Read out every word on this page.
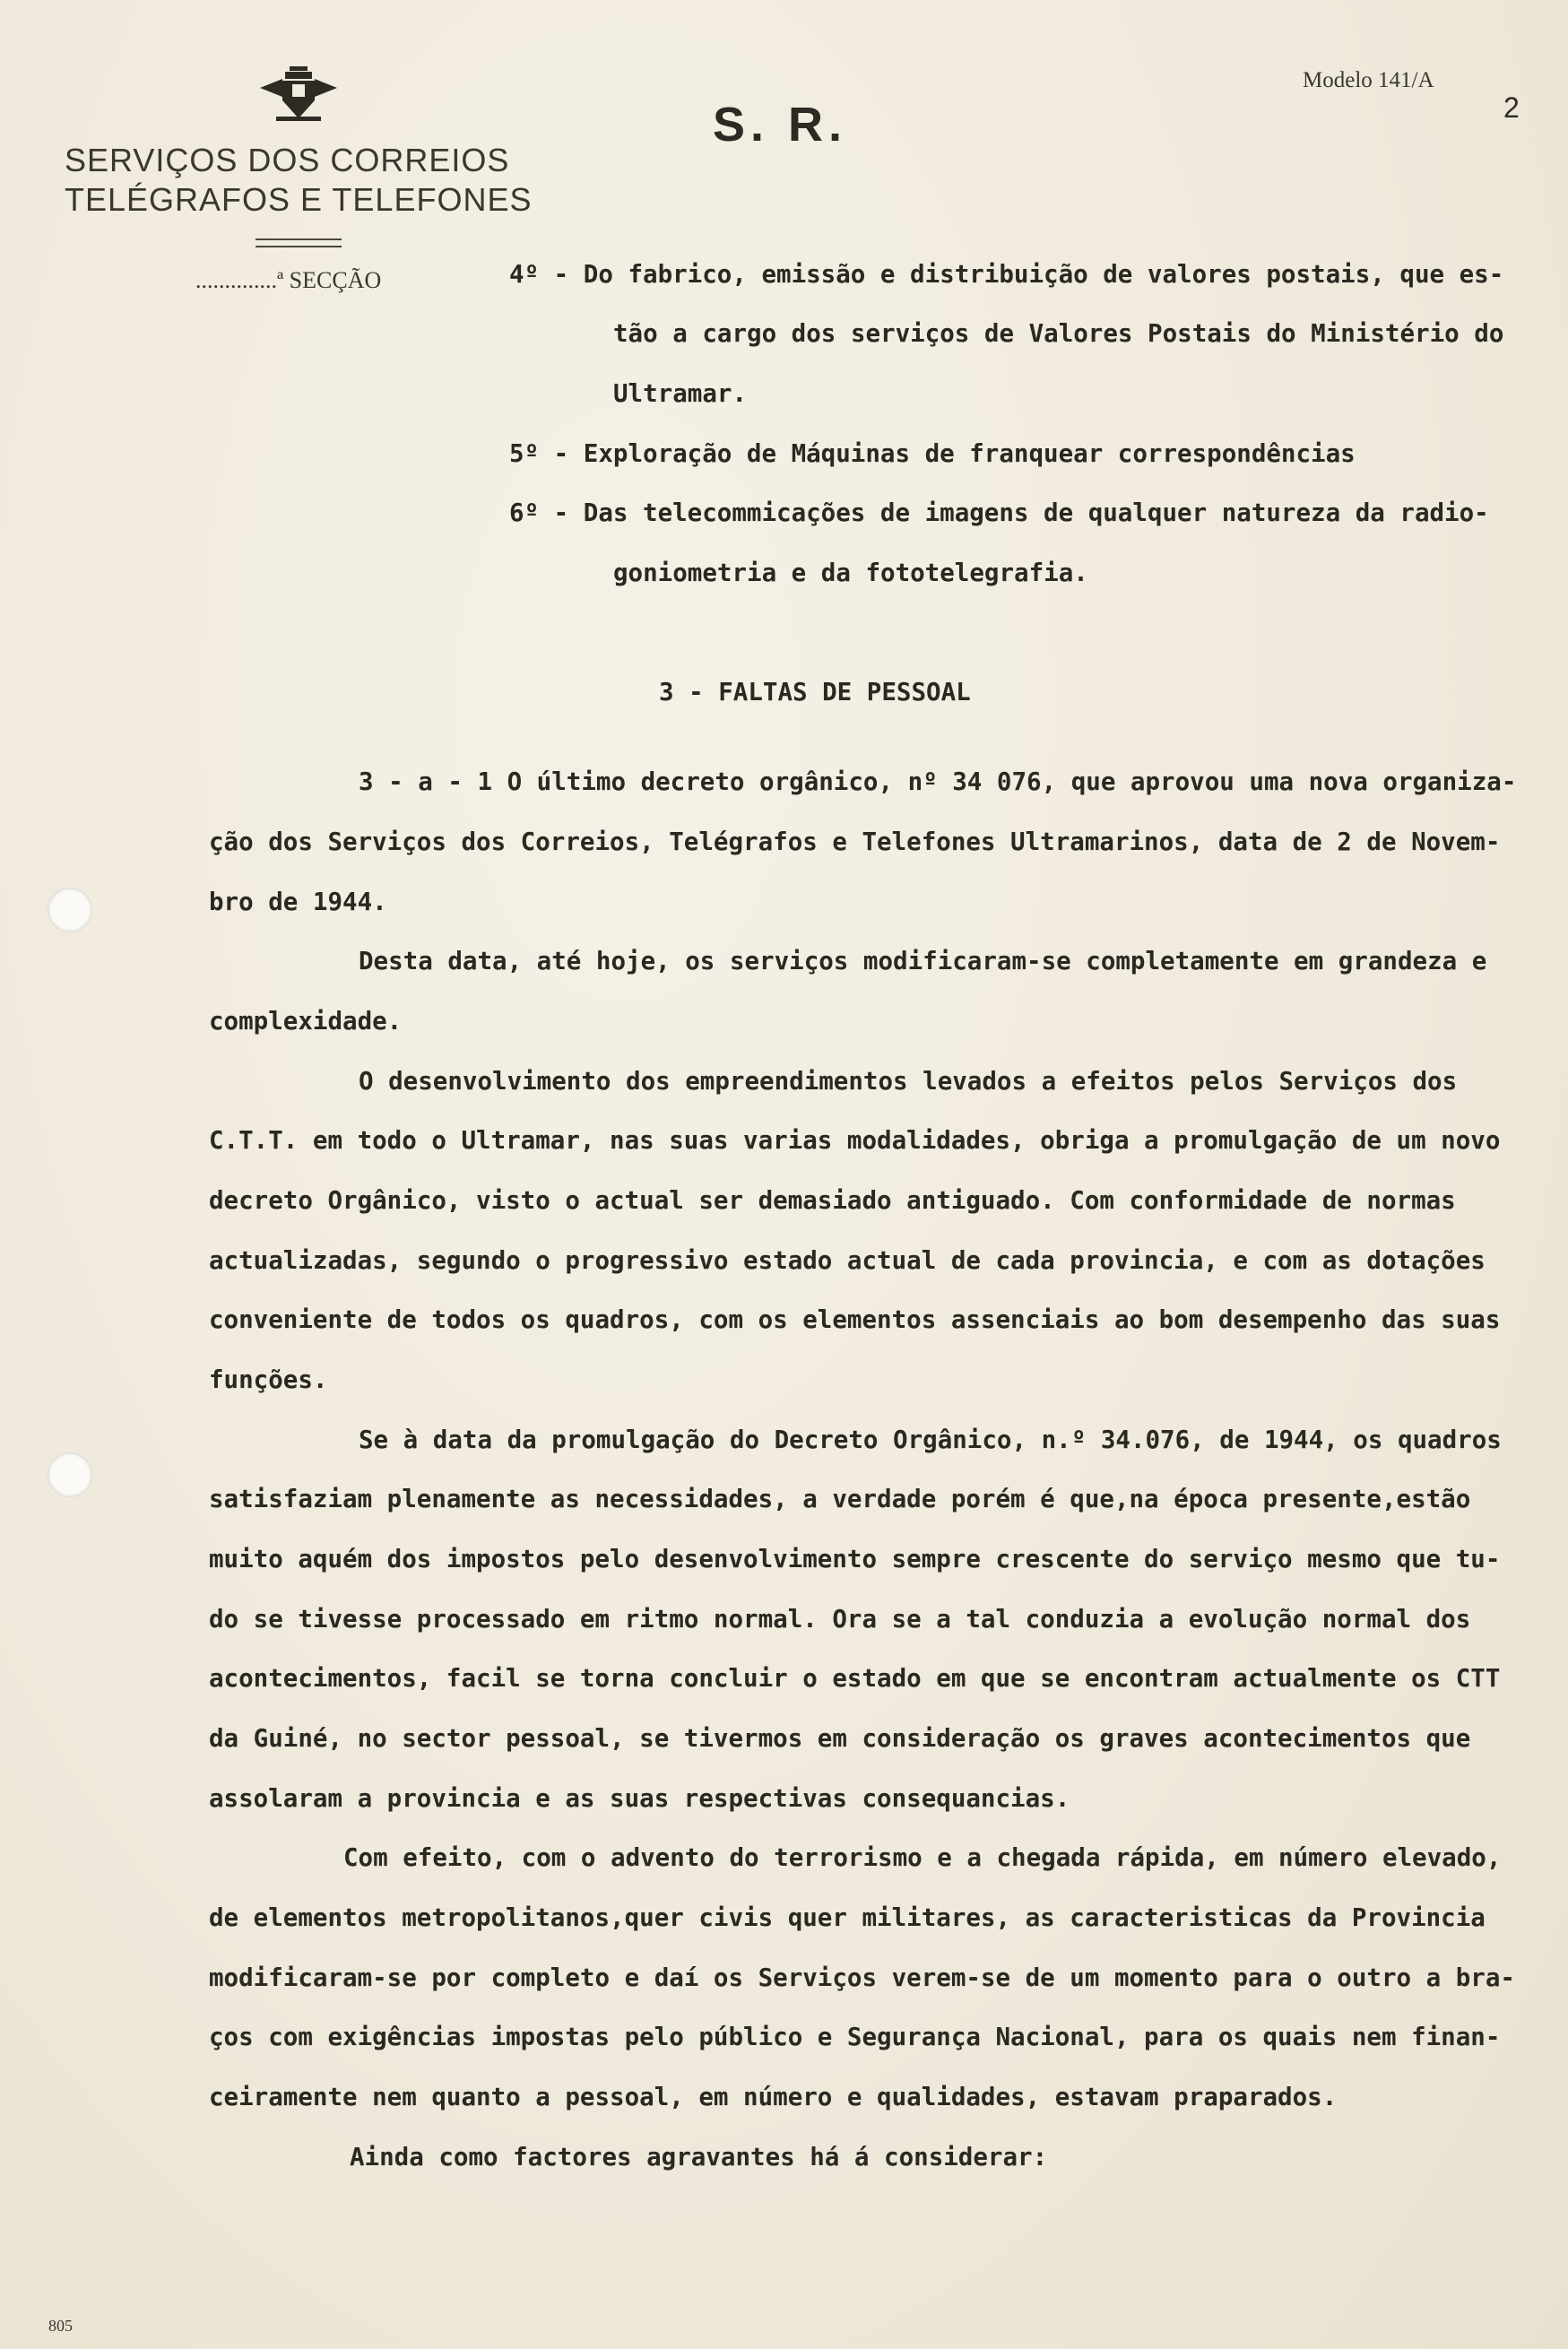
SERVIÇOS DOS CORREIOS
TELÉGRAFOS E TELEFONES
..............ª SECÇÃO
S. R.
Modelo 141/A
2
4º - Do fabrico, emissão e distribuição de valores postais, que es-
tão a cargo dos serviços de Valores Postais do Ministério do
Ultramar.
5º - Exploração de Máquinas de franquear correspondências
6º - Das telecommicações de imagens de qualquer natureza da radio-
goniometria e da fototelegrafia.
3 - FALTAS DE PESSOAL
3 - a - 1 O último decreto orgânico, nº 34 076, que aprovou uma nova organiza-
ção dos Serviços dos Correios, Telégrafos e Telefones Ultramarinos, data de 2 de Novem-
bro de 1944.
Desta data, até hoje, os serviços modificaram-se completamente em grandeza e
complexidade.
O desenvolvimento dos empreendimentos levados a efeitos pelos Serviços dos
C.T.T. em todo o Ultramar, nas suas varias modalidades, obriga a promulgação de um novo
decreto Orgânico, visto o actual ser demasiado antiguado. Com conformidade de normas
actualizadas, segundo o progressivo estado actual de cada provincia, e com as dotações
conveniente de todos os quadros, com os elementos assenciais ao bom desempenho das suas
funções.
Se à data da promulgação do Decreto Orgânico, n.º 34.076, de 1944, os quadros
satisfaziam plenamente as necessidades, a verdade porém é que,na época presente,estão
muito aquém dos impostos pelo desenvolvimento sempre crescente do serviço mesmo que tu-
do se tivesse processado em ritmo normal. Ora se a tal conduzia a evolução normal dos
acontecimentos, facil se torna concluir o estado em que se encontram actualmente os CTT
da Guiné, no sector pessoal, se tivermos em consideração os graves acontecimentos que
assolaram a provincia e as suas respectivas consequancias.
Com efeito, com o advento do terrorismo e a chegada rápida, em número elevado,
de elementos metropolitanos,quer civis quer militares, as caracteristicas da Provincia
modificaram-se por completo e daí os Serviços verem-se de um momento para o outro a bra-
ços com exigências impostas pelo público e Segurança Nacional, para os quais nem finan-
ceiramente nem quanto a pessoal, em número e qualidades, estavam praparados.
Ainda como factores agravantes há á considerar:
805
